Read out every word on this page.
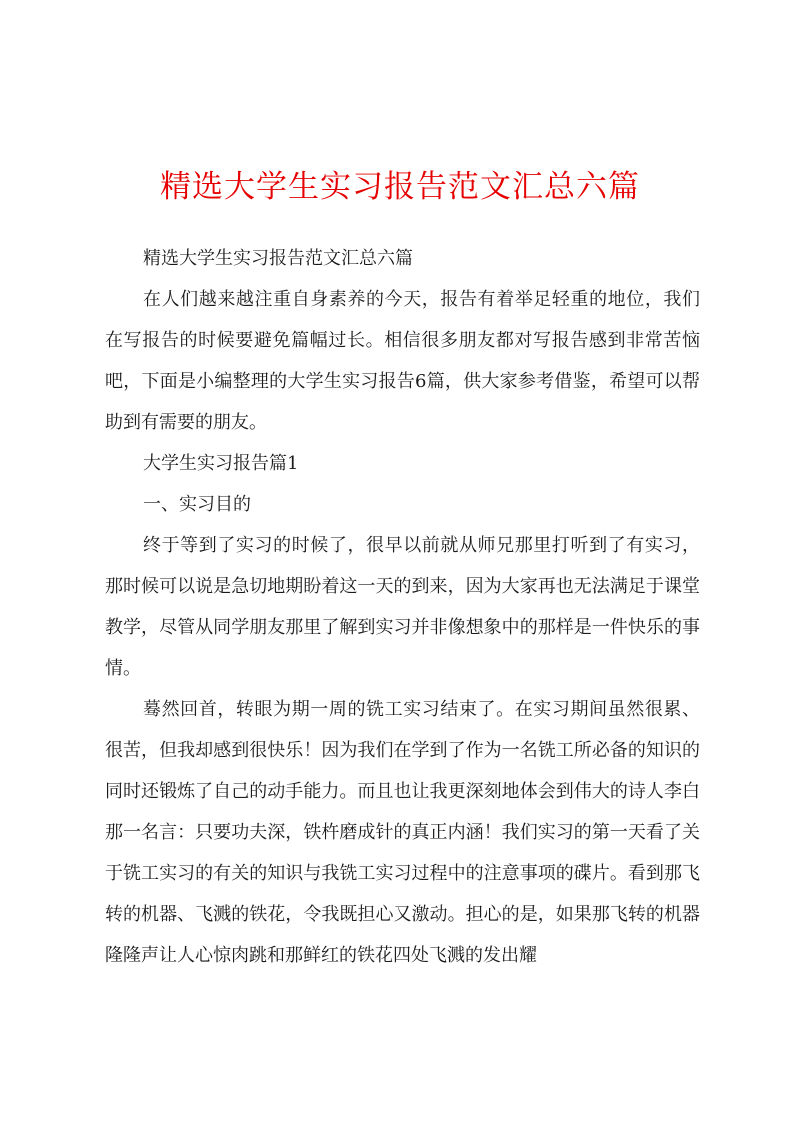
精选大学生实习报告范文汇总六篇

精选大学生实习报告范文汇总六篇

在人们越来越注重自身素养的今天，报告有着举足轻重的地位，我们在写报告的时候要避免篇幅过长。相信很多朋友都对写报告感到非常苦恼吧，下面是小编整理的大学生实习报告6篇，供大家参考借鉴，希望可以帮助到有需要的朋友。

大学生实习报告篇1

一、实习目的

终于等到了实习的时候了，很早以前就从师兄那里打听到了有实习，那时候可以说是急切地期盼着这一天的到来，因为大家再也无法满足于课堂教学，尽管从同学朋友那里了解到实习并非像想象中的那样是一件快乐的事情。

蓦然回首，转眼为期一周的铣工实习结束了。在实习期间虽然很累、很苦，但我却感到很快乐！因为我们在学到了作为一名铣工所必备的知识的同时还锻炼了自己的动手能力。而且也让我更深刻地体会到伟大的诗人李白那一名言：只要功夫深，铁杵磨成针的真正内涵！我们实习的第一天看了关于铣工实习的有关的知识与我铣工实习过程中的注意事项的碟片。看到那飞转的机器、飞溅的铁花，令我既担心又激动。担心的是，如果那飞转的机器隆隆声让人心惊肉跳和那鲜红的铁花四处飞溅的发出耀
